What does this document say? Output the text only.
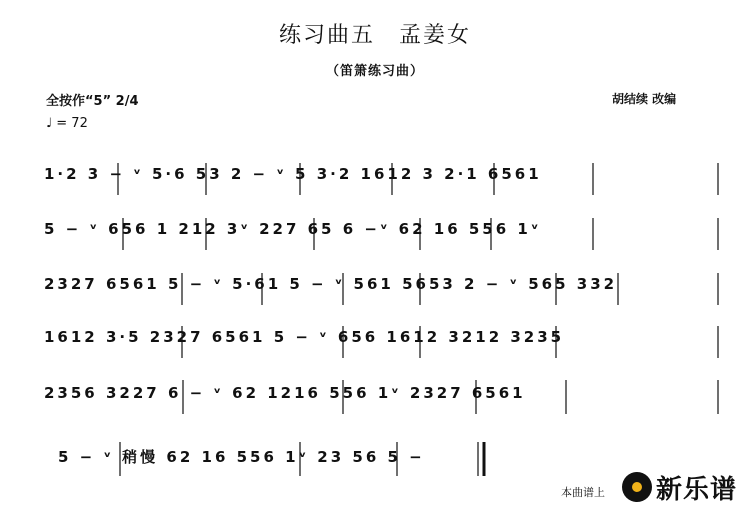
练习曲五　孟姜女
（笛箫练习曲）
全按作“5” 2/4
♩ = 72
胡结续 改编
1·2 3 − ᵛ 5·6 53 2 − ᵛ 5 3·2 1612 3 2·1 6561
5 − ᵛ 656 1 212 3ᵛ 227 65 6 −ᵛ 62 16 556 1ᵛ
2327 6561 5 − ᵛ 5·61 5 − ᵛ 561 5653 2 − ᵛ 565 332
1612 3·5 2327 6561 5 − ᵛ 656 1612 3212 3235
2356 3227 6 − ᵛ 62 1216 556 1ᵛ 2327 6561
5 − ᵛ 稍慢 62 16 556 1ᵛ 23 56 5 −
本曲谱上 新乐谱
